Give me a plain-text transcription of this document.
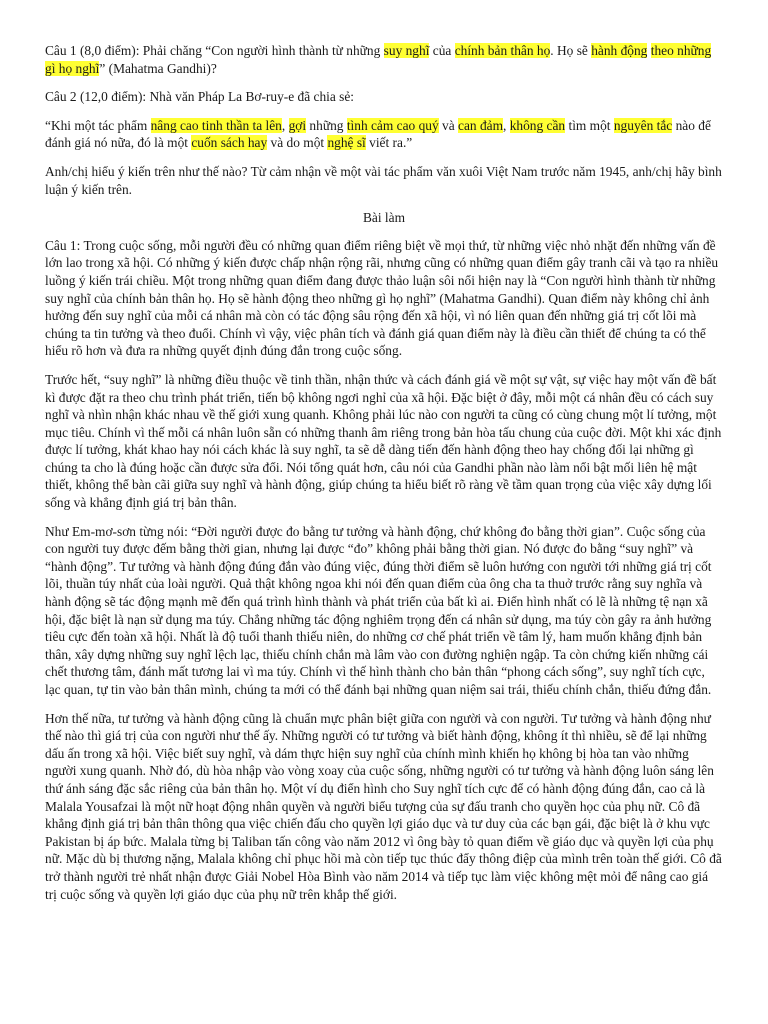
Câu 1 (8,0 điểm): Phải chăng “Con người hình thành từ những suy nghĩ của chính bản thân họ. Họ sẽ hành động theo những gì họ nghĩ” (Mahatma Gandhi)?

Câu 2 (12,0 điểm): Nhà văn Pháp La Bơ-ruy-e đã chia sẻ:

“Khi một tác phẩm nâng cao tinh thần ta lên, gợi những tình cảm cao quý và can đảm, không cần tìm một nguyên tắc nào để đánh giá nó nữa, đó là một cuốn sách hay và do một nghệ sĩ viết ra.”

Anh/chị hiểu ý kiến trên như thế nào? Từ cảm nhận về một vài tác phẩm văn xuôi Việt Nam trước năm 1945, anh/chị hãy bình luận ý kiến trên.

Bài làm

Câu 1: Trong cuộc sống, mỗi người đều có những quan điểm riêng biệt về mọi thứ, từ những việc nhỏ nhặt đến những vấn đề lớn lao trong xã hội. Có những ý kiến được chấp nhận rộng rãi, nhưng cũng có những quan điểm gây tranh cãi và tạo ra nhiều luồng ý kiến trái chiều. Một trong những quan điểm đang được thảo luận sôi nổi hiện nay là “Con người hình thành từ những suy nghĩ của chính bản thân họ. Họ sẽ hành động theo những gì họ nghĩ” (Mahatma Gandhi). Quan điểm này không chỉ ảnh hưởng đến suy nghĩ của mỗi cá nhân mà còn có tác động sâu rộng đến xã hội, vì nó liên quan đến những giá trị cốt lõi mà chúng ta tin tưởng và theo đuổi. Chính vì vậy, việc phân tích và đánh giá quan điểm này là điều cần thiết để chúng ta có thể hiểu rõ hơn và đưa ra những quyết định đúng đắn trong cuộc sống.

Trước hết, “suy nghĩ” là những điều thuộc về tinh thần, nhận thức và cách đánh giá về một sự vật, sự việc hay một vấn đề bất kì được đặt ra theo chu trình phát triển, tiến bộ không ngơi nghỉ của xã hội. Đặc biệt ở đây, mỗi một cá nhân đều có cách suy nghĩ và nhìn nhận khác nhau về thế giới xung quanh. Không phải lúc nào con người ta cũng có cùng chung một lí tưởng, một mục tiêu. Chính vì thế mỗi cá nhân luôn sẵn có những thanh âm riêng trong bản hòa tấu chung của cuộc đời. Một khi xác định được lí tưởng, khát khao hay nói cách khác là suy nghĩ, ta sẽ dễ dàng tiến đến hành động theo hay chống đối lại những gì chúng ta cho là đúng hoặc cần được sửa đổi. Nói tổng quát hơn, câu nói của Gandhi phần nào làm nổi bật mối liên hệ mật thiết, không thể bàn cãi giữa suy nghĩ và hành động, giúp chúng ta hiểu biết rõ ràng về tầm quan trọng của việc xây dựng lối sống và khẳng định giá trị bản thân.

Như Em-mơ-sơn từng nói: “Đời người được đo bằng tư tưởng và hành động, chứ không đo bằng thời gian”. Cuộc sống của con người tuy được đếm bằng thời gian, nhưng lại được “đo” không phải bằng thời gian. Nó được đo bằng “suy nghĩ” và “hành động”. Tư tưởng và hành động đúng đắn vào đúng việc, đúng thời điểm sẽ luôn hướng con người tới những giá trị cốt lõi, thuần túy nhất của loài người. Quả thật không ngoa khi nói đến quan điểm của ông cha ta thuở trước rằng suy nghĩa và hành động sẽ tác động mạnh mẽ đến quá trình hình thành và phát triển của bất kì ai. Điển hình nhất có lẽ là những tệ nạn xã hội, đặc biệt là nạn sử dụng ma túy. Chẳng những tác động nghiêm trọng đến cá nhân sử dụng, ma túy còn gây ra ảnh hưởng tiêu cực đến toàn xã hội. Nhất là độ tuổi thanh thiếu niên, do những cơ chế phát triển về tâm lý, ham muốn khẳng định bản thân, xây dựng những suy nghĩ lệch lạc, thiếu chính chắn mà lâm vào con đường nghiện ngập. Ta còn chứng kiến những cái chết thương tâm, đánh mất tương lai vì ma túy. Chính vì thế hình thành cho bản thân “phong cách sống”, suy nghĩ tích cực, lạc quan, tự tin vào bản thân mình, chúng ta mới có thể đánh bại những quan niệm sai trái, thiếu chính chắn, thiếu đứng đắn.

Hơn thế nữa, tư tưởng và hành động cũng là chuẩn mực phân biệt giữa con người và con người. Tư tưởng và hành động như thế nào thì giá trị của con người như thế ấy. Những người có tư tưởng và biết hành động, không ít thì nhiều, sẽ để lại những dấu ấn trong xã hội. Việc biết suy nghĩ, và dám thực hiện suy nghĩ của chính mình khiến họ không bị hòa tan vào những người xung quanh. Nhờ đó, dù hòa nhập vào vòng xoay của cuộc sống, những người có tư tưởng và hành động luôn sáng lên thứ ánh sáng đặc sắc riêng của bản thân họ. Một ví dụ điển hình cho Suy nghĩ tích cực để có hành động đúng đắn, cao cả là Malala Yousafzai là một nữ hoạt động nhân quyền và người biểu tượng của sự đấu tranh cho quyền học của phụ nữ. Cô đã khẳng định giá trị bản thân thông qua việc chiến đấu cho quyền lợi giáo dục và tư duy của các bạn gái, đặc biệt là ở khu vực Pakistan bị áp bức. Malala từng bị Taliban tấn công vào năm 2012 vì ông bày tỏ quan điểm về giáo dục và quyền lợi của phụ nữ. Mặc dù bị thương nặng, Malala không chỉ phục hồi mà còn tiếp tục thúc đẩy thông điệp của mình trên toàn thế giới. Cô đã trở thành người trẻ nhất nhận được Giải Nobel Hòa Bình vào năm 2014 và tiếp tục làm việc không mệt mỏi để nâng cao giá trị cuộc sống và quyền lợi giáo dục của phụ nữ trên khắp thế giới.
